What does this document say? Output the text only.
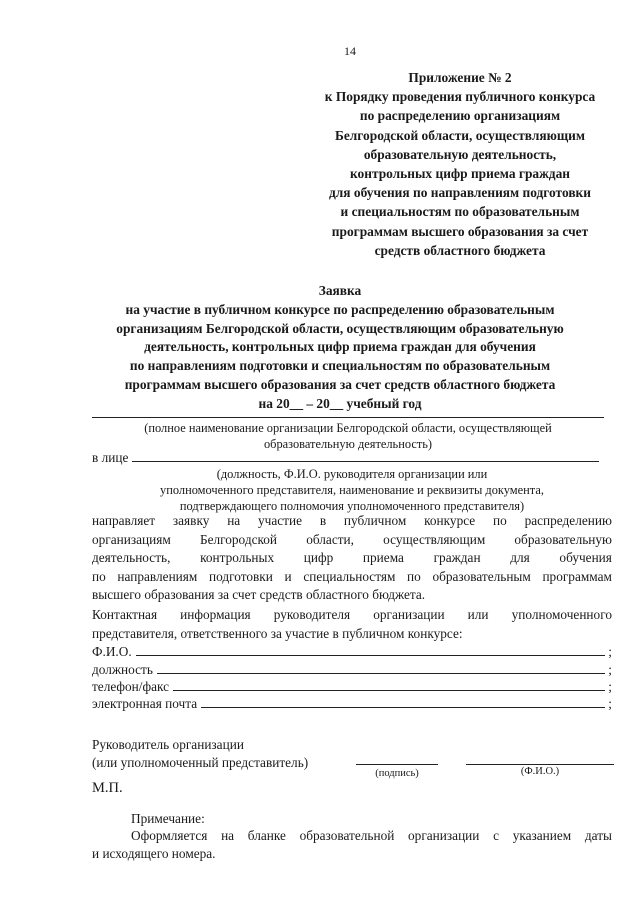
14
Приложение № 2
к Порядку проведения публичного конкурса
по распределению организациям
Белгородской области, осуществляющим
образовательную деятельность,
контрольных цифр приема граждан
для обучения по направлениям подготовки
и специальностям по образовательным
программам высшего образования за счет
средств областного бюджета
Заявка
на участие в публичном конкурсе по распределению образовательным
организациям Белгородской области, осуществляющим образовательную
деятельность, контрольных цифр приема граждан для обучения
по направлениям подготовки и специальностям по образовательным
программам высшего образования за счет средств областного бюджета
на 20__ – 20__ учебный год
(полное наименование организации Белгородской области, осуществляющей
образовательную деятельность)
в лице
(должность, Ф.И.О. руководителя организации или
уполномоченного представителя, наименование и реквизиты документа,
подтверждающего полномочия уполномоченного представителя)
направляет заявку на участие в публичном конкурсе по распределению
организациям Белгородской области, осуществляющим образовательную
деятельность, контрольных цифр приема граждан для обучения
по направлениям подготовки и специальностям по образовательным программам
высшего образования за счет средств областного бюджета.
Контактная информация руководителя организации или уполномоченного
представителя, ответственного за участие в публичном конкурсе:
Ф.И.О.	;
должность	;
телефон/факс	;
электронная почта	;
Руководитель организации
(или уполномоченный представитель)
(подпись)	(Ф.И.О.)
М.П.
Примечание:
Оформляется на бланке образовательной организации с указанием даты
и исходящего номера.
